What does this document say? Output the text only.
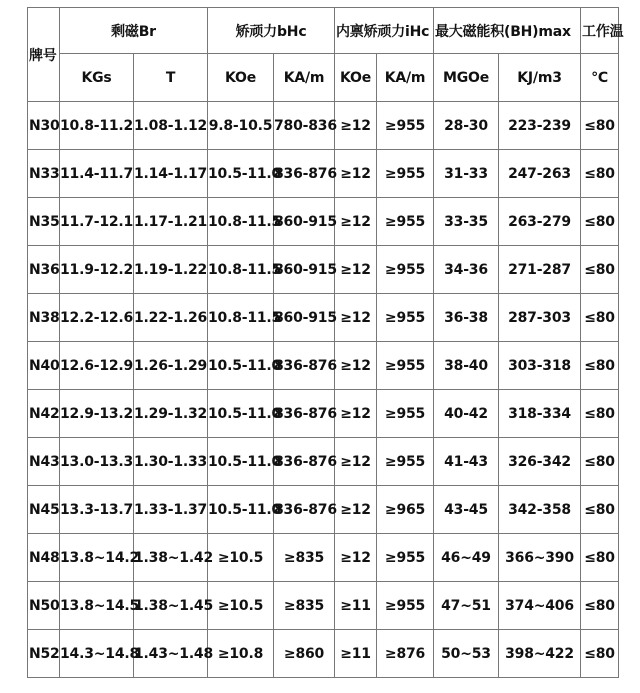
牌号	剩磁Br		矫顽力bHc		内禀矫顽力iHc		最大磁能积(BH)max		工作温
	KGs	T	KOe	KA/m	KOe	KA/m	MGOe	KJ/m3	℃
N30	10.8-11.2	1.08-1.12	9.8-10.5	780-836	≥12	≥955	28-30	223-239	≤80
N33	11.4-11.7	1.14-1.17	10.5-11.0	836-876	≥12	≥955	31-33	247-263	≤80
N35	11.7-12.1	1.17-1.21	10.8-11.5	860-915	≥12	≥955	33-35	263-279	≤80
N36	11.9-12.2	1.19-1.22	10.8-11.5	860-915	≥12	≥955	34-36	271-287	≤80
N38	12.2-12.6	1.22-1.26	10.8-11.5	860-915	≥12	≥955	36-38	287-303	≤80
N40	12.6-12.9	1.26-1.29	10.5-11.0	836-876	≥12	≥955	38-40	303-318	≤80
N42	12.9-13.2	1.29-1.32	10.5-11.0	836-876	≥12	≥955	40-42	318-334	≤80
N43	13.0-13.3	1.30-1.33	10.5-11.0	836-876	≥12	≥955	41-43	326-342	≤80
N45	13.3-13.7	1.33-1.37	10.5-11.0	836-876	≥12	≥965	43-45	342-358	≤80
N48	13.8~14.2	1.38~1.42	≥10.5	≥835	≥12	≥955	46~49	366~390	≤80
N50	13.8~14.5	1.38~1.45	≥10.5	≥835	≥11	≥955	47~51	374~406	≤80
N52	14.3~14.8	1.43~1.48	≥10.8	≥860	≥11	≥876	50~53	398~422	≤80
